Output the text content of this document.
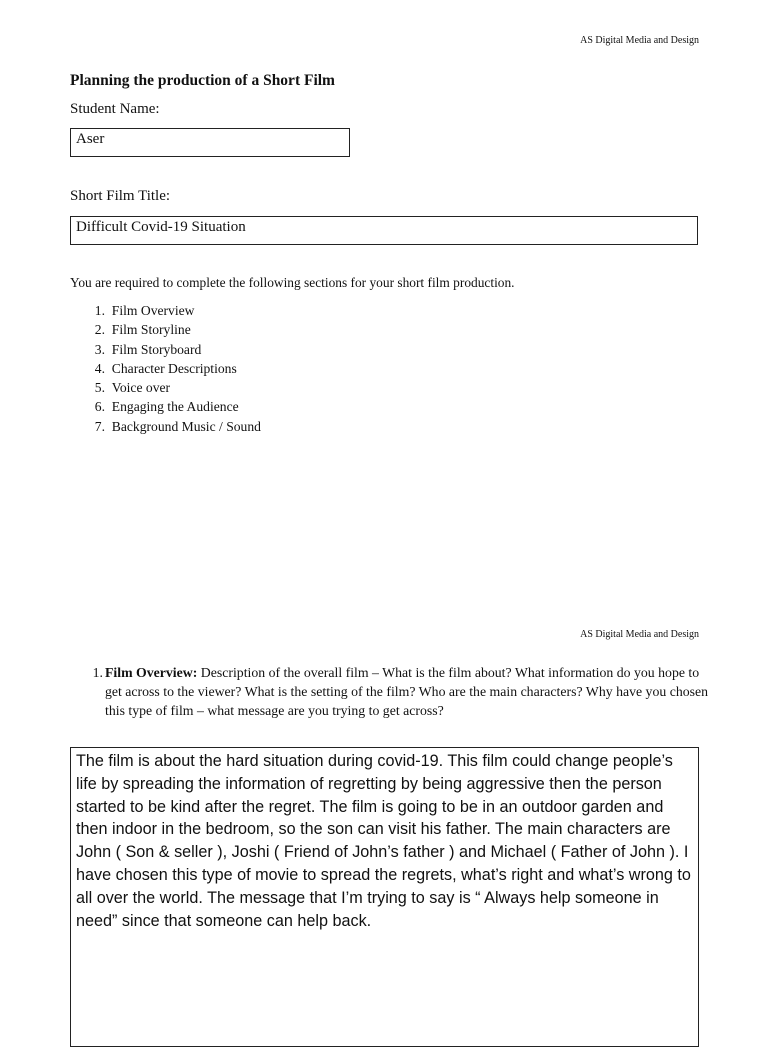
AS Digital Media and Design
Planning the production of a Short Film
Student Name:
Aser
Short Film Title:
Difficult Covid-19 Situation
You are required to complete the following sections for your short film production.
1. Film Overview
2. Film Storyline
3. Film Storyboard
4. Character Descriptions
5. Voice over
6. Engaging the Audience
7. Background Music / Sound
AS Digital Media and Design
1. Film Overview: Description of the overall film – What is the film about? What information do you hope to get across to the viewer? What is the setting of the film? Who are the main characters? Why have you chosen this type of film – what message are you trying to get across?
The film is about the hard situation during covid-19. This film could change people’s life by spreading the information of regretting by being aggressive then the person started to be kind after the regret. The film is going to be in an outdoor garden and then indoor in the bedroom, so the son can visit his father. The main characters are John ( Son & seller ), Joshi ( Friend of John’s father ) and Michael ( Father of John ). I have chosen this type of movie to spread the regrets, what’s right and what’s wrong to all over the world. The message that I’m trying to say is “ Always help someone in need” since that someone can help back.
